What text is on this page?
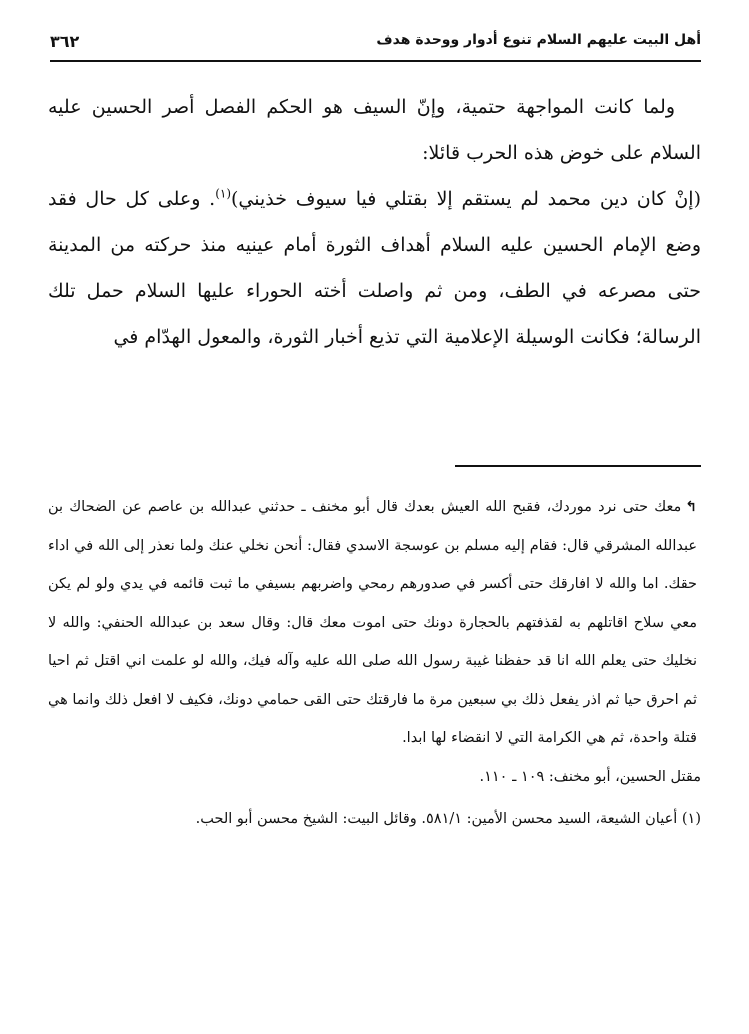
أهل البيت عليهم السلام تنوع أدوار ووحدة هدف
٣٦٢

ولما كانت المواجهة حتمية، وإنّ السيف هو الحكم الفصل أصر الحسين عليه السلام على خوض هذه الحرب قائلا:

(إنْ كان دين محمد لم يستقم إلا بقتلي فيا سيوف خذيني)$^{(١)}$. وعلى كل حال فقد وضع الإمام الحسين عليه السلام أهداف الثورة أمام عينيه منذ حركته من المدينة حتى مصرعه في الطف، ومن ثم واصلت أخته الحوراء عليها السلام حمل تلك الرسالة؛ فكانت الوسيلة الإعلامية التي تذيع أخبار الثورة، والمعول الهدّام في

↰معك حتى نرد موردك، فقبح الله العيش بعدك قال أبو مخنف ـ حدثني عبدالله بن عاصم عن الضحاك بن عبدالله المشرقي قال: فقام إليه مسلم بن عوسجة الاسدي فقال: أنحن نخلي عنك ولما نعذر إلى الله في اداء حقك. اما والله لا افارقك حتى أكسر في صدورهم رمحي واضربهم بسيفي ما ثبت قائمه في يدي ولو لم يكن معي سلاح اقاتلهم به لقذفتهم بالحجارة دونك حتى اموت معك قال: وقال سعد بن عبدالله الحنفي: والله لا نخليك حتى يعلم الله انا قد حفظنا غيبة رسول الله صلى الله عليه وآله فيك، والله لو علمت اني اقتل ثم احيا ثم احرق حيا ثم اذر يفعل ذلك بي سبعين مرة ما فارقتك حتى القى حمامي دونك، فكيف لا افعل ذلك وانما هي قتلة واحدة، ثم هي الكرامة التي لا انقضاء لها ابدا.

مقتل الحسين، أبو مخنف: ١٠٩ ـ ١١٠.

(١) أعيان الشيعة، السيد محسن الأمين: ٥٨١/١. وقائل البيت: الشيخ محسن أبو الحب.
